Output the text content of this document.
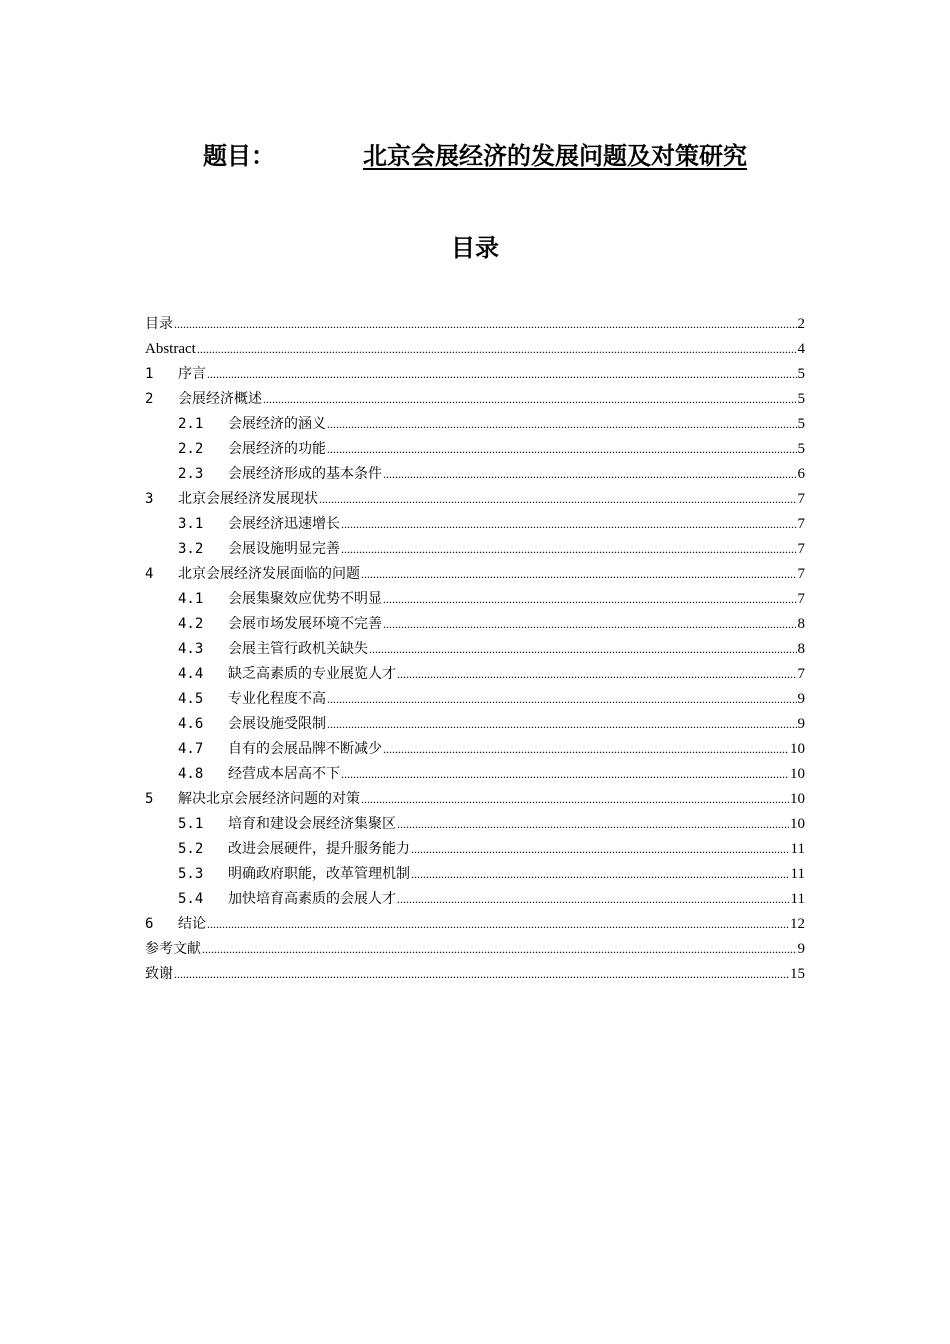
题目：	北京会展经济的发展问题及对策研究
目录
目录 .....	2
Abstract .....	4
1	序言 .....	5
2	会展经济概述 .....	5
2.1	会展经济的涵义 .....	5
2.2	会展经济的功能 .....	5
2.3	会展经济形成的基本条件 .....	6
3	北京会展经济发展现状 .....	7
3.1	会展经济迅速增长 .....	7
3.2	会展设施明显完善 .....	7
4	北京会展经济发展面临的问题 .....	7
4.1	会展集聚效应优势不明显 .....	7
4.2	会展市场发展环境不完善 .....	8
4.3	会展主管行政机关缺失 .....	8
4.4	缺乏高素质的专业展览人才 .....	7
4.5	专业化程度不高 .....	9
4.6	会展设施受限制 .....	9
4.7	自有的会展品牌不断减少 .....	10
4.8	经营成本居高不下 .....	10
5	解决北京会展经济问题的对策 .....	10
5.1	培育和建设会展经济集聚区 .....	10
5.2	改进会展硬件，提升服务能力 .....	11
5.3	明确政府职能，改革管理机制 .....	11
5.4	加快培育高素质的会展人才 .....	11
6	结论 .....	12
参考文献 .....	9
致谢 .....	15
